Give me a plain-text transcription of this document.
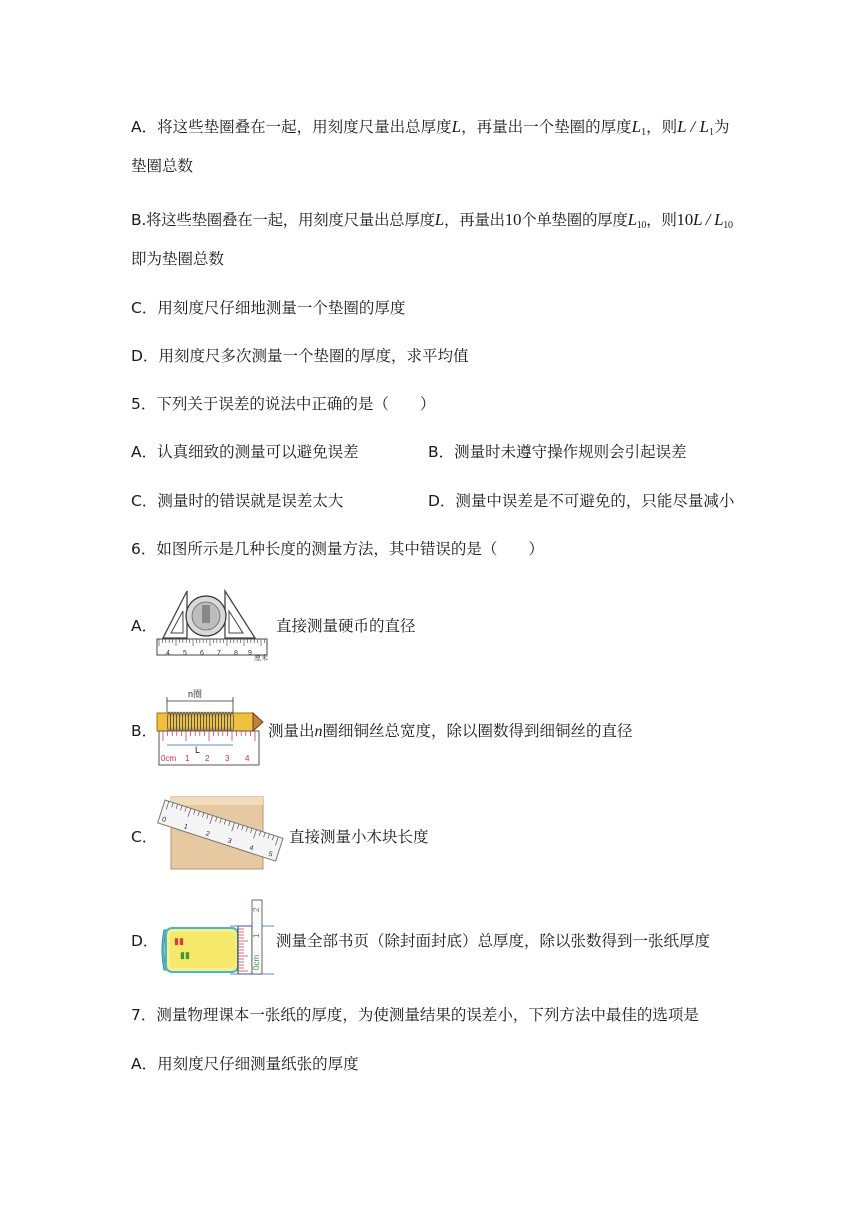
A．将这些垫圈叠在一起，用刻度尺量出总厚度L，再量出一个垫圈的厚度$L_1$，则L / $L_1$为
垫圈总数
B.将这些垫圈叠在一起，用刻度尺量出总厚度L，再量出10个单垫圈的厚度$L_{10}$，则$10L / L_{10}$
即为垫圈总数
C．用刻度尺仔细地测量一个垫圈的厚度
D．用刻度尺多次测量一个垫圈的厚度，求平均值
5．下列关于误差的说法中正确的是（　　）
A．认真细致的测量可以避免误差	B．测量时未遵守操作规则会引起误差
C．测量时的错误就是误差太大	D．测量中误差是不可避免的，只能尽量减小
6．如图所示是几种长度的测量方法，其中错误的是（　　）
A．
4 5 6 7 8 9
厘米
直接测量硬币的直径
B．
n圈
L
0cm 1 2 3 4
测量出n圈细铜丝总宽度，除以圈数得到细铜丝的直径
C．
0
1
2
3
4
5
直接测量小木块长度
D． ▮▮
▮▮
2
1
0cm
测量全部书页（除封面封底）总厚度，除以张数得到一张纸厚度
7．测量物理课本一张纸的厚度，为使测量结果的误差小，下列方法中最佳的选项是
A．用刻度尺仔细测量纸张的厚度
